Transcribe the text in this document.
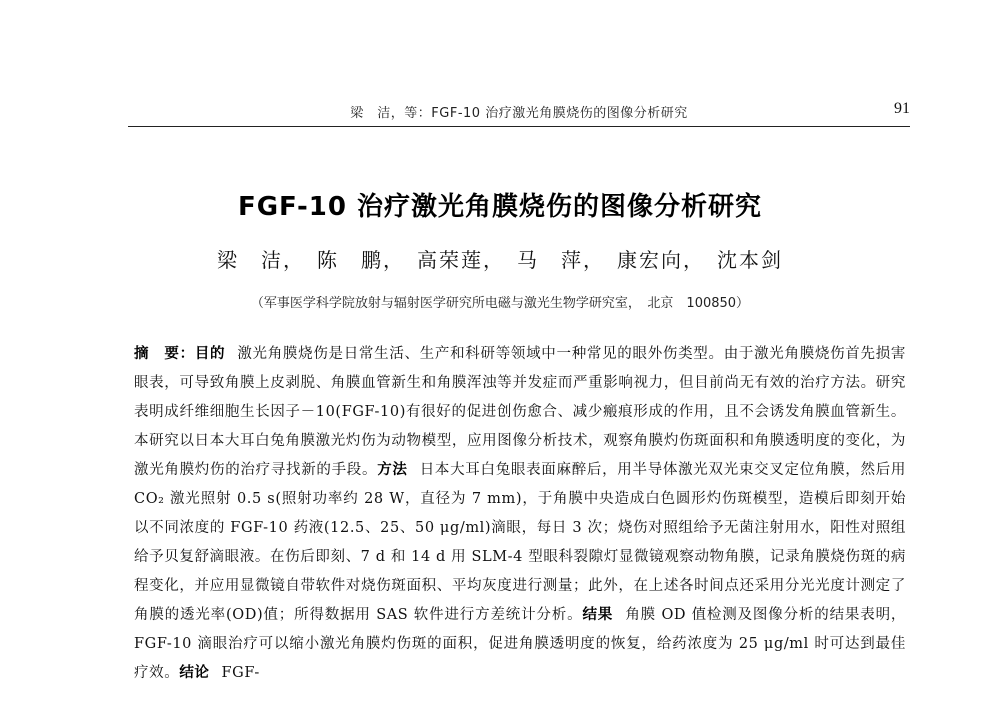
梁　洁，等：FGF-10 治疗激光角膜烧伤的图像分析研究	91
FGF-10 治疗激光角膜烧伤的图像分析研究
梁　洁，　陈　鹏，　高荣莲，　马　萍，　康宏向，　沈本剑
（军事医学科学院放射与辐射医学研究所电磁与激光生物学研究室，　北京　100850）
摘　要：目的 激光角膜烧伤是日常生活、生产和科研等领域中一种常见的眼外伤类型。由于激光角膜烧伤首先损害眼表，可导致角膜上皮剥脱、角膜血管新生和角膜浑浊等并发症而严重影响视力，但目前尚无有效的治疗方法。研究表明成纤维细胞生长因子－10(FGF-10)有很好的促进创伤愈合、减少瘢痕形成的作用，且不会诱发角膜血管新生。本研究以日本大耳白兔角膜激光灼伤为动物模型，应用图像分析技术，观察角膜灼伤斑面积和角膜透明度的变化，为激光角膜灼伤的治疗寻找新的手段。方法 日本大耳白兔眼表面麻醉后，用半导体激光双光束交叉定位角膜，然后用 CO₂ 激光照射 0.5 s(照射功率约 28 W，直径为 7 mm)，于角膜中央造成白色圆形灼伤斑模型，造模后即刻开始以不同浓度的 FGF-10 药液(12.5、25、50 μg/ml)滴眼，每日 3 次；烧伤对照组给予无菌注射用水，阳性对照组给予贝复舒滴眼液。在伤后即刻、7 d 和 14 d 用 SLM-4 型眼科裂隙灯显微镜观察动物角膜，记录角膜烧伤斑的病程变化，并应用显微镜自带软件对烧伤斑面积、平均灰度进行测量；此外，在上述各时间点还采用分光光度计测定了角膜的透光率(OD)值；所得数据用 SAS 软件进行方差统计分析。结果 角膜 OD 值检测及图像分析的结果表明，FGF-10 滴眼治疗可以缩小激光角膜灼伤斑的面积，促进角膜透明度的恢复，给药浓度为 25 μg/ml 时可达到最佳疗效。结论 FGF-
